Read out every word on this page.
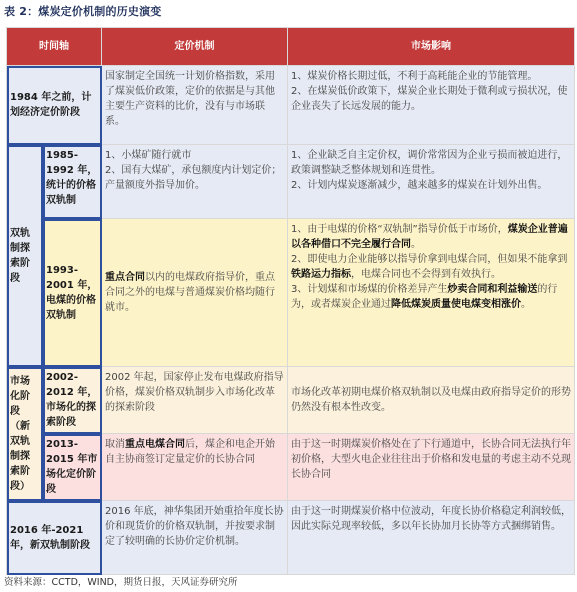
表 2：煤炭定价机制的历史演变
时间轴		定价机制	市场影响
1984 年之前，计划经济定价阶段		国家制定全国统一计划价格指数，采用了煤炭低价政策，定价的依据是与其他主要生产资料的比价，没有与市场联系。	1、煤炭价格长期过低，不利于高耗能企业的节能管理。
2、在煤炭低价政策下，煤炭企业长期处于微利或亏损状况，使企业丧失了长远发展的能力。
双轨制探索阶段	1985-1992 年，统计的价格双轨制	1、小煤矿随行就市
2、国有大煤矿，承包额度内计划定价；产量额度外指导加价。	1、企业缺乏自主定价权，调价常常因为企业亏损而被迫进行，政策调整缺乏整体规划和连贯性。
2、计划内煤炭逐渐减少，越来越多的煤炭在计划外出售。
	1993-2001 年，电煤的价格双轨制	重点合同以内的电煤政府指导价，重点合同之外的电煤与普通煤炭价格均随行就市。	1、由于电煤的价格“双轨制”指导价低于市场价，煤炭企业普遍以各种借口不完全履行合同。
2、即使电力企业能够以指导价拿到电煤合同，但如果不能拿到铁路运力指标，电煤合同也不会得到有效执行。
3、计划煤和市场煤的价格差异产生炒卖合同和利益输送的行为，或者煤炭企业通过降低煤炭质量使电煤变相涨价。
市场化阶段（新双轨制探索阶段）	2002-2012 年，市场化的探索阶段	2002 年起，国家停止发布电煤政府指导价格，煤炭价格双轨制步入市场化改革的探索阶段	市场化改革初期电煤价格双轨制以及电煤由政府指导定价的形势仍然没有根本性改变。
	2013-2015 年市场化定价阶段	取消重点电煤合同后，煤企和电企开始自主协商签订定量定价的长协合同	由于这一时期煤炭价格处在了下行通道中，长协合同无法执行年初价格，大型火电企业往往出于价格和发电量的考虑主动不兑现长协合同
2016 年-2021 年，新双轨制阶段		2016 年底，神华集团开始重拾年度长协价和现货价的价格双轨制，并按要求制定了较明确的长协价定价机制。	由于这一时期煤炭价格中位波动，年度长协价格稳定利润较低，因此实际兑现率较低，多以年长协加月长协等方式捆绑销售。
资料来源：CCTD，WIND，期货日报，天风证券研究所
